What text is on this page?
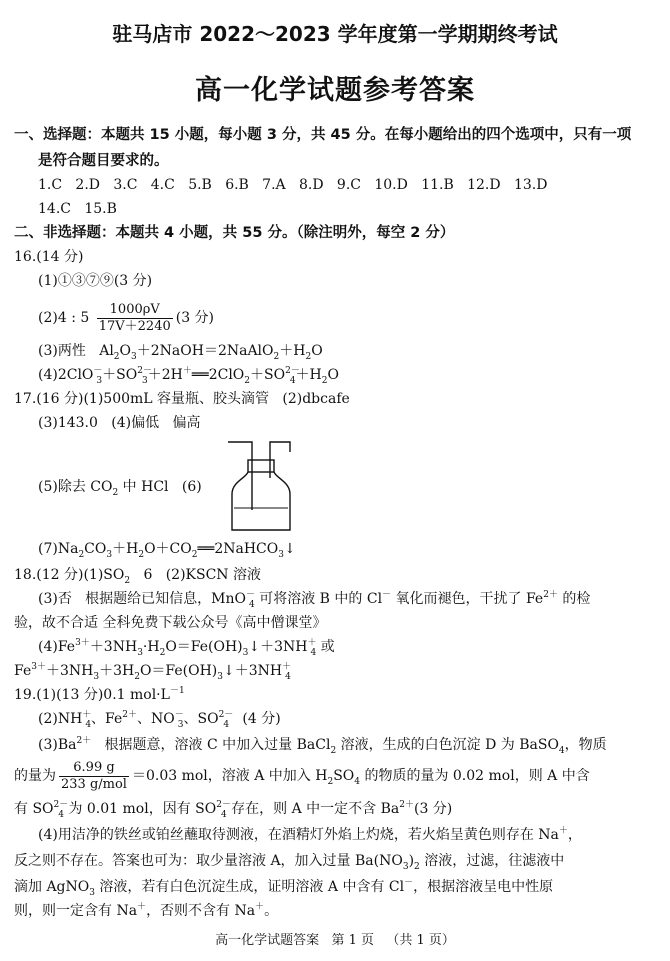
驻马店市 2022～2023 学年度第一学期期终考试
高一化学试题参考答案
一、选择题：本题共 15 小题，每小题 3 分，共 45 分。在每小题给出的四个选项中，只有一项
是符合题目要求的。
1.C   2.D   3.C   4.C   5.B   6.B   7.A   8.D   9.C   10.D   11.B   12.D   13.D
14.C   15.B
二、非选择题：本题共 4 小题，共 55 分。（除注明外，每空 2 分）
16.(14 分)
(1)①③⑦⑨(3 分)
(2)4 : $5 \frac{1000\rho V}{17V+2240} (3$ 分)
(3)两性 $Al_2O_3+2NaOH=2NaAlO_2+H_2O$
$(4)2ClO^-_3+SO^{2-}_3+2H^+══2ClO_2+SO^{2-}_4+H_2O$
17.(16 分)(1)500mL 容量瓶、胶头滴管   (2)dbcafe
(3)143.0   (4)偏低   偏高
(5)除去 $CO_2$ 中 HCl   (6)
$(7)Na_2CO_3+H_2O+CO_2══2NaHCO_3↓$
18.(12 分)$(1)SO_2$   6   (2)KSCN 溶液
(3)否   根据题给已知信息，MnO－$_4$ 可将溶液 B 中的 Cl－ 氧化而褪色，干扰了 $Fe^{2+}$ 的检
验，故不合适 全科免费下载公众号《高中僧课堂》
$(4)Fe^{3+}+3NH_3\cdot H_2O=Fe(OH)_3↓+3NH^+_4$ 或
$Fe^{3+}+3NH_3+3H_2O=Fe(OH)_3↓+3NH^+_4$
19.(1)(13 分)0.1 $mol\cdot L^{-1}$
$(2)NH^+_4$、$Fe^{2+}$、$NO^-_3$、$SO^{2-}_4$   (4 分)
$(3)Ba^{2+}$   根据题意，溶液 C 中加入过量 BaCl$_2$ 溶液，生成的白色沉淀 D 为 BaSO$_4$，物质
的量为 $\frac{6.99 g}{\text{233 g/mol}} =0.03$ mol，溶液 A 中加入 $H_2SO_4$ 的物质的量为 0.02 mol，则 A 中含
有 $SO^{2-}_4$ 为 0.01 mol，因有 $SO^{2-}_4$ 存在，则 A 中一定不含 $Ba^{2+}(3$ 分)
(4)用洁净的铁丝或铂丝蘸取待测液，在酒精灯外焰上灼烧，若火焰呈黄色则存在 Na＋，
反之则不存在。答案也可为：取少量溶液 A，加入过量 $Ba(NO_3)_2$ 溶液，过滤，往滤液中
滴加 AgNO$_3$ 溶液，若有白色沉淀生成，证明溶液 A 中含有 Cl－，根据溶液呈电中性原
则，则一定含有 Na＋，否则不含有 Na＋。
高一化学试题答案   第 1 页   （共 1 页）
